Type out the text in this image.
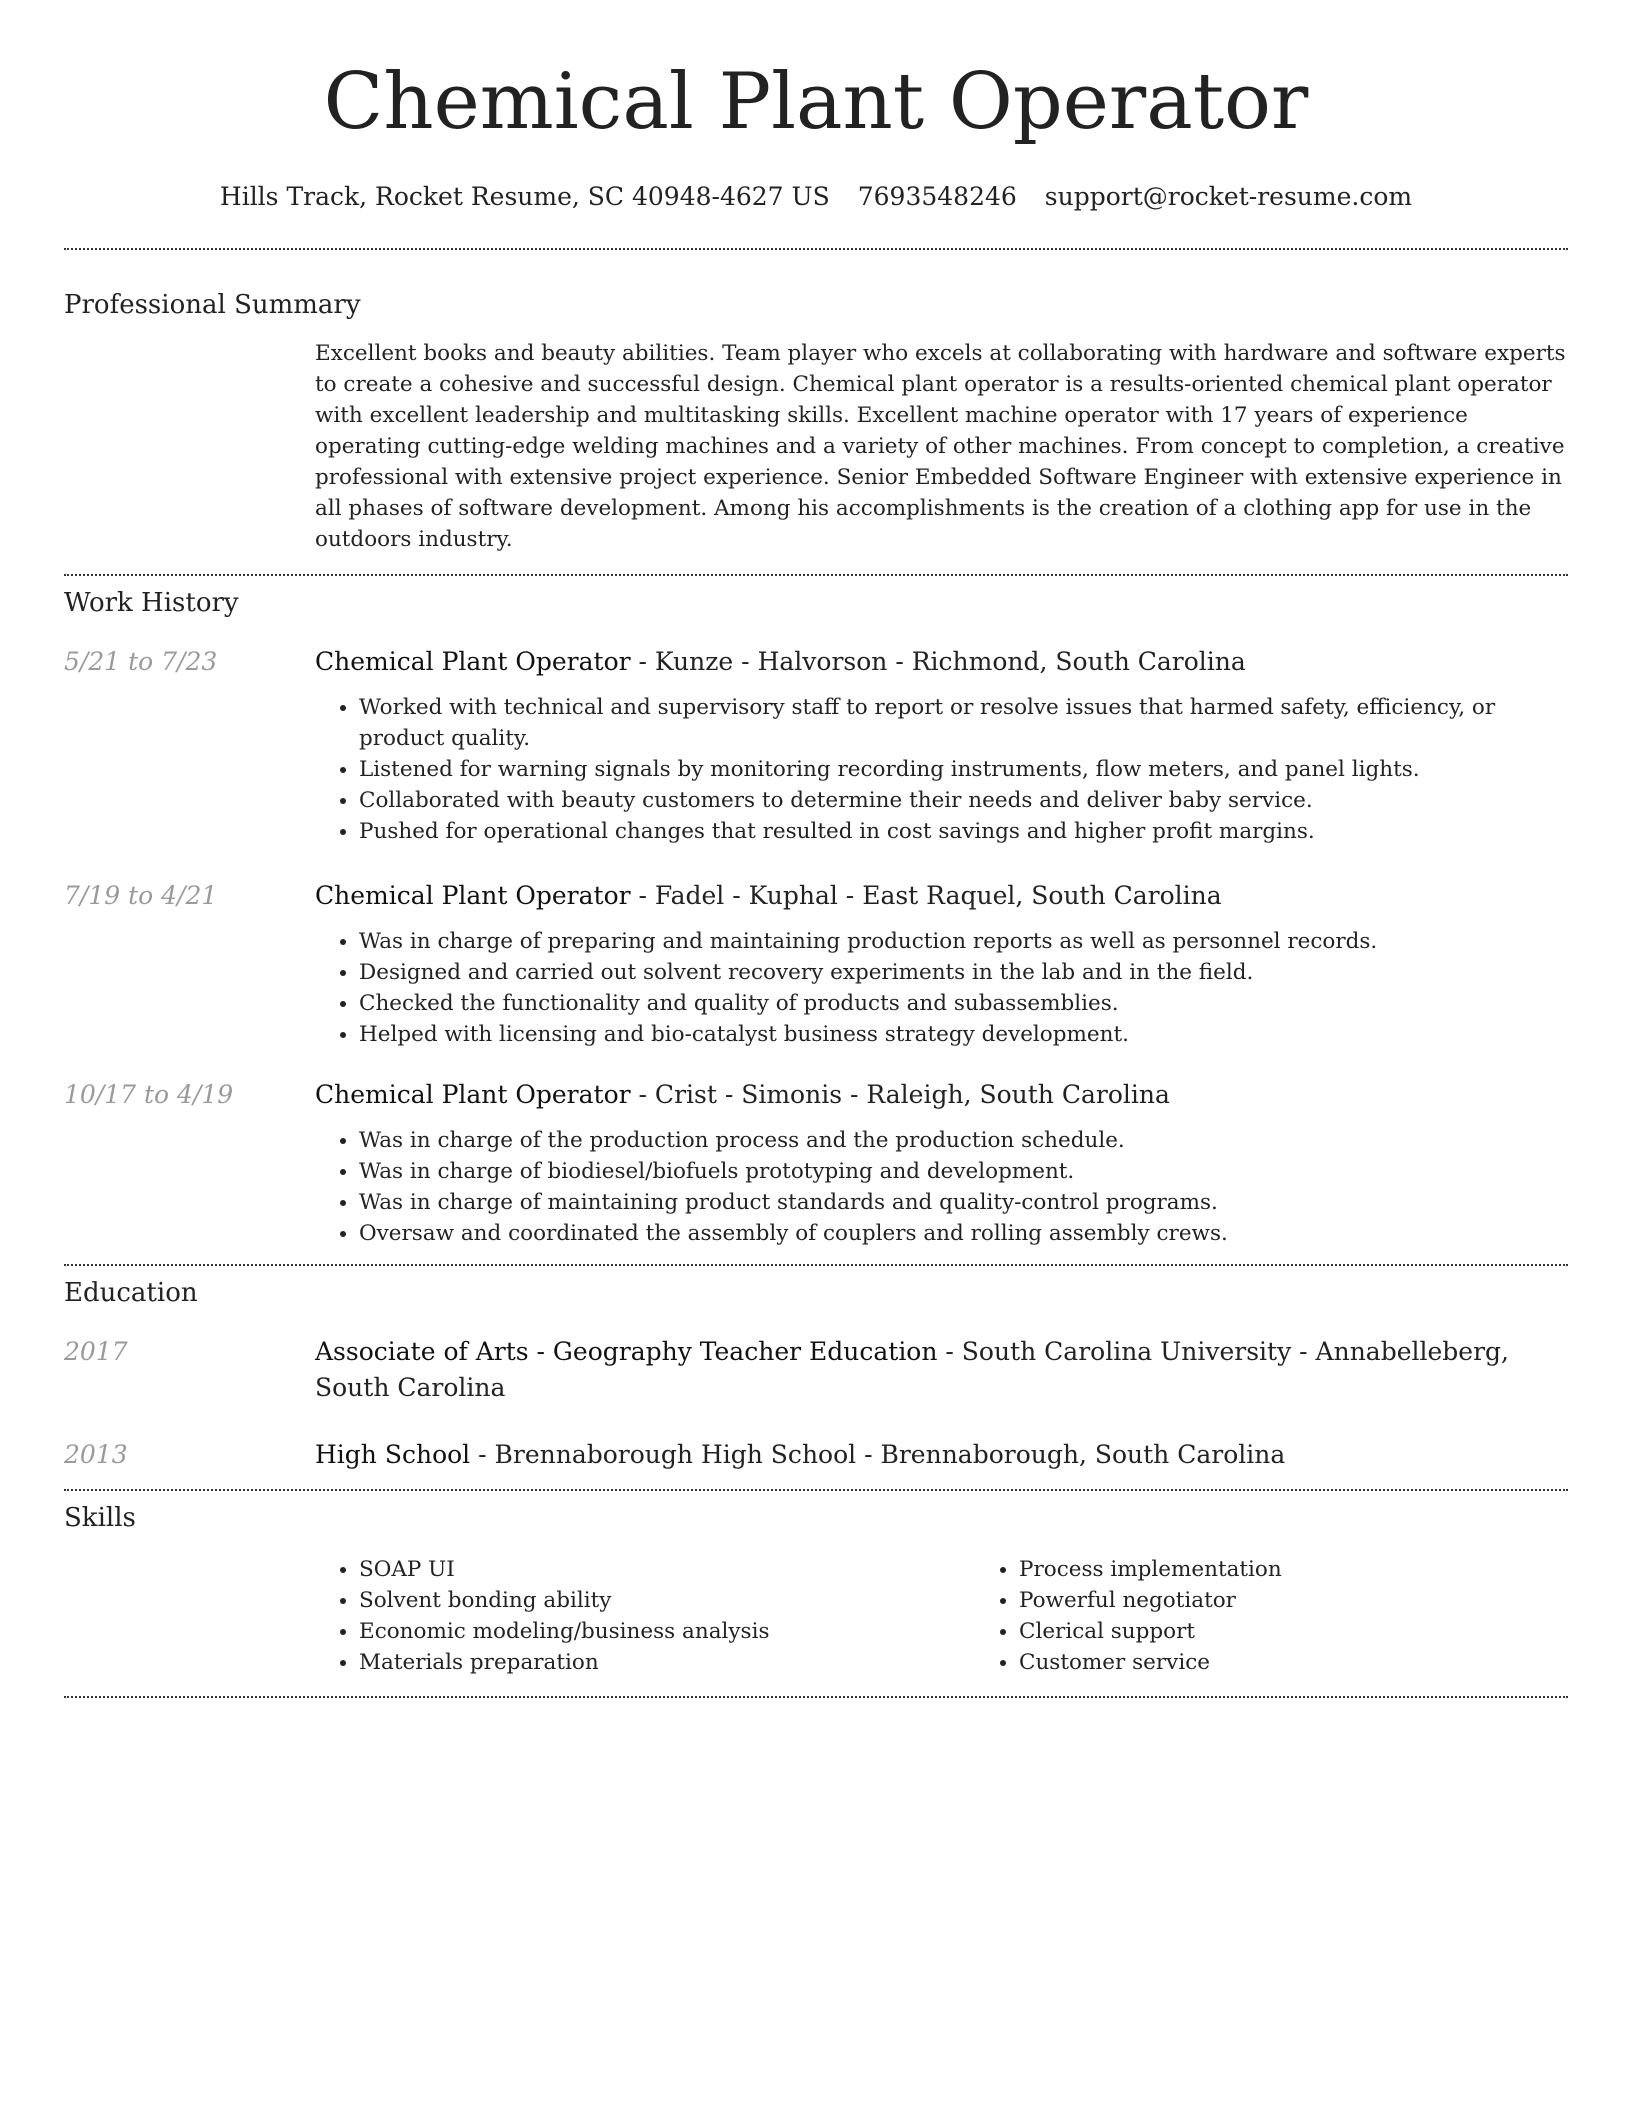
Chemical Plant Operator
Hills Track, Rocket Resume, SC 40948-4627 US 7693548246 support@rocket-resume.com
Professional Summary

Excellent books and beauty abilities. Team player who excels at collaborating with hardware and software experts to create a cohesive and successful design. Chemical plant operator is a results-oriented chemical plant operator with excellent leadership and multitasking skills. Excellent machine operator with 17 years of experience operating cutting-edge welding machines and a variety of other machines. From concept to completion, a creative professional with extensive project experience. Senior Embedded Software Engineer with extensive experience in all phases of software development. Among his accomplishments is the creation of a clothing app for use in the outdoors industry.

Work History
5/21 to 7/23	Chemical Plant Operator - Kunze - Halvorson - Richmond, South Carolina
• Worked with technical and supervisory staff to report or resolve issues that harmed safety, efficiency, or product quality.
• Listened for warning signals by monitoring recording instruments, flow meters, and panel lights.
• Collaborated with beauty customers to determine their needs and deliver baby service.
• Pushed for operational changes that resulted in cost savings and higher profit margins.
7/19 to 4/21	Chemical Plant Operator - Fadel - Kuphal - East Raquel, South Carolina
• Was in charge of preparing and maintaining production reports as well as personnel records.
• Designed and carried out solvent recovery experiments in the lab and in the field.
• Checked the functionality and quality of products and subassemblies.
• Helped with licensing and bio-catalyst business strategy development.
10/17 to 4/19	Chemical Plant Operator - Crist - Simonis - Raleigh, South Carolina
• Was in charge of the production process and the production schedule.
• Was in charge of biodiesel/biofuels prototyping and development.
• Was in charge of maintaining product standards and quality-control programs.
• Oversaw and coordinated the assembly of couplers and rolling assembly crews.
Education
2017	Associate of Arts - Geography Teacher Education - South Carolina University - Annabelleberg, South Carolina
2013	High School - Brennaborough High School - Brennaborough, South Carolina
Skills
• SOAP UI
• Solvent bonding ability
• Economic modeling/business analysis
• Materials preparation
• Process implementation
• Powerful negotiator
• Clerical support
• Customer service
